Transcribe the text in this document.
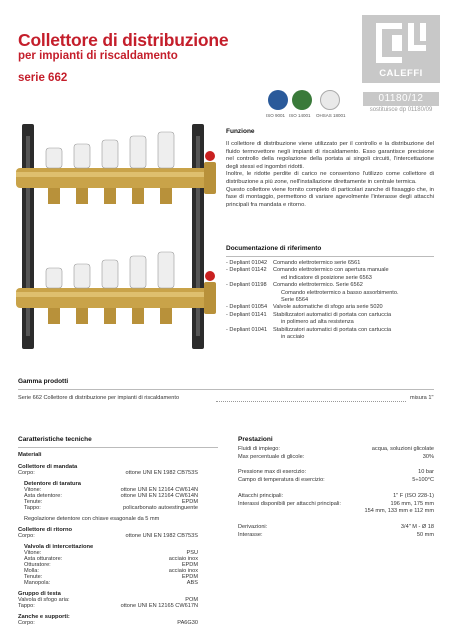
Collettore di distribuzione
per impianti di riscaldamento
serie 662	CALEFFI
01180/12
sostituisce dp 01180/09
ISO 9001 ISO 14001 OHSAS 18001
Funzione
Il collettore di distribuzione viene utilizzato per il controllo e la distribuzione del fluido termovettore negli impianti di riscaldamento. Esso garantisce precisione nel controllo della regolazione della portata ai singoli circuiti, l'intercettazione degli stessi ed ingombri ridotti.
Inoltre, le ridotte perdite di carico ne consentono l'utilizzo come collettore di distribuzione a più zone, nell'installazione direttamente in centrale termica.
Questo collettore viene fornito completo di particolari zanche di fissaggio che, in fase di montaggio, permettono di variare agevolmente l'interasse degli attacchi principali fra mandata e ritorno.
Documentazione di riferimento
- Depliant 01042	Comando elettrotermico serie 6561
- Depliant 01142	Comando elettrotermico con apertura manuale
ed indicatore di posizione serie 6563
- Depliant 01198	Comando elettrotermico. Serie 6562
Comando elettrotermico a basso assorbimento.
Serie 6564
- Depliant 01054	Valvole automatiche di sfogo aria serie 5020
- Depliant 01141	Stabilizzatori automatici di portata con cartuccia
in polimero ad alta resistenza
- Depliant 01041	Stabilizzatori automatici di portata con cartuccia
in acciaio
Gamma prodotti
Serie 662 Collettore di distribuzione per impianti di riscaldamento	misura 1"
Caratteristiche tecniche
Materiali
Collettore di mandata
Corpo:	ottone UNI EN 1982 CB753S
Detentore di taratura
Vitone:	ottone UNI EN 12164 CW614N
Asta detentore:	ottone UNI EN 12164 CW614N
Tenute:	EPDM
Tappo:	policarbonato autoestinguente
Regolazione detentore con chiave esagonale da 5 mm
Collettore di ritorno
Corpo:	ottone UNI EN 1982 CB753S
Valvola di intercettazione
Vitone:	PSU
Asta otturatore:	acciaio inox
Otturatore:	EPDM
Molla:	acciaio inox
Tenute:	EPDM
Manopola:	ABS
Gruppo di testa
Valvola di sfogo aria:	POM
Tappo:	ottone UNI EN 12165 CW617N
Zanche e supporti:
Corpo:	PA6G30
Prestazioni
Fluidi di impiego:	acqua, soluzioni glicolate
Max percentuale di glicole:	30%
Pressione max di esercizio:	10 bar
Campo di temperatura di esercizio:	5÷100°C
Attacchi principali:	1" F (ISO 228-1)
Interassi disponibili per attacchi principali:	196 mm, 175 mm
154 mm, 133 mm e 112 mm
Derivazioni:	3/4" M - Ø 18
Interasse:	50 mm
